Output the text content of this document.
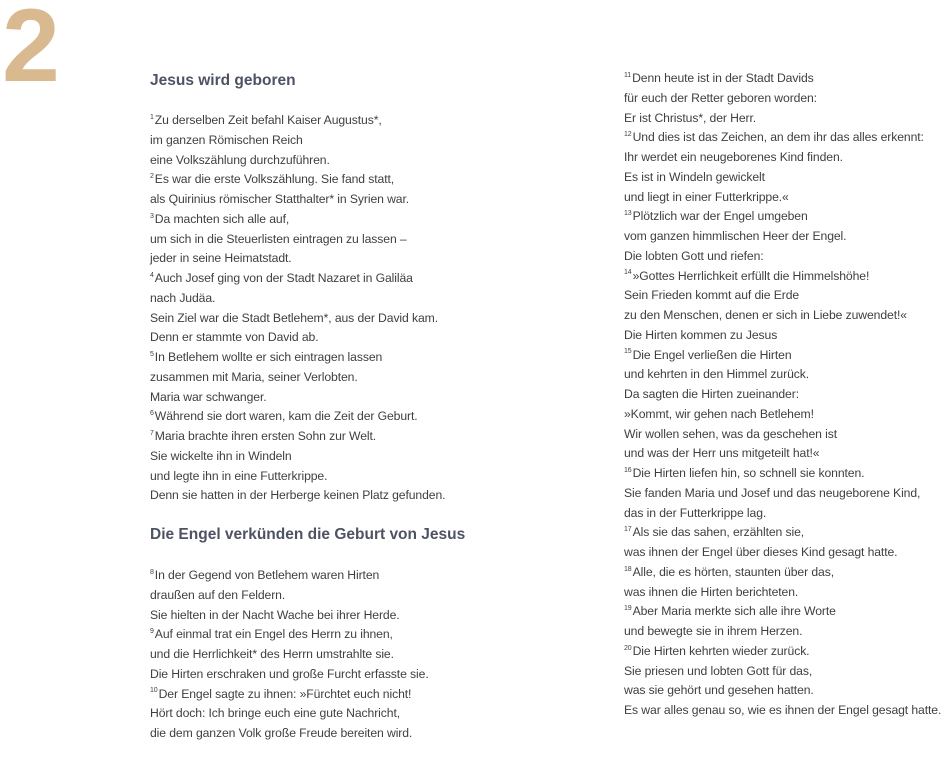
2	Jesus wird geboren
$^1$Zu derselben Zeit befahl Kaiser Augustus*,
im ganzen Römischen Reich
eine Volkszählung durchzuführen.
$^2$Es war die erste Volkszählung. Sie fand statt,
als Quirinius römischer Statthalter* in Syrien war.
$^3$Da machten sich alle auf,
um sich in die Steuerlisten eintragen zu lassen –
jeder in seine Heimatstadt.
$^4$Auch Josef ging von der Stadt Nazaret in Galiläa
nach Judäa.
Sein Ziel war die Stadt Betlehem*, aus der David kam.
Denn er stammte von David ab.
$^5$In Betlehem wollte er sich eintragen lassen
zusammen mit Maria, seiner Verlobten.
Maria war schwanger.
$^6$Während sie dort waren, kam die Zeit der Geburt.
$^7$Maria brachte ihren ersten Sohn zur Welt.
Sie wickelte ihn in Windeln
und legte ihn in eine Futterkrippe.
Denn sie hatten in der Herberge keinen Platz gefunden.
Die Engel verkünden die Geburt von Jesus
$^8$In der Gegend von Betlehem waren Hirten
draußen auf den Feldern.
Sie hielten in der Nacht Wache bei ihrer Herde.
$^9$Auf einmal trat ein Engel des Herrn zu ihnen,
und die Herrlichkeit* des Herrn umstrahlte sie.
Die Hirten erschraken und große Furcht erfasste sie.
$^{10}$Der Engel sagte zu ihnen: »Fürchtet euch nicht!
Hört doch: Ich bringe euch eine gute Nachricht,
die dem ganzen Volk große Freude bereiten wird.
$^{11}$Denn heute ist in der Stadt Davids
für euch der Retter geboren worden:
Er ist Christus*, der Herr.
$^{12}$Und dies ist das Zeichen, an dem ihr das alles erkennt:
Ihr werdet ein neugeborenes Kind finden.
Es ist in Windeln gewickelt
und liegt in einer Futterkrippe.«
$^{13}$Plötzlich war der Engel umgeben
vom ganzen himmlischen Heer der Engel.
Die lobten Gott und riefen:
$^{14}$»Gottes Herrlichkeit erfüllt die Himmelshöhe!
Sein Frieden kommt auf die Erde
zu den Menschen, denen er sich in Liebe zuwendet!«
Die Hirten kommen zu Jesus
$^{15}$Die Engel verließen die Hirten
und kehrten in den Himmel zurück.
Da sagten die Hirten zueinander:
»Kommt, wir gehen nach Betlehem!
Wir wollen sehen, was da geschehen ist
und was der Herr uns mitgeteilt hat!«
$^{16}$Die Hirten liefen hin, so schnell sie konnten.
Sie fanden Maria und Josef und das neugeborene Kind,
das in der Futterkrippe lag.
$^{17}$Als sie das sahen, erzählten sie,
was ihnen der Engel über dieses Kind gesagt hatte.
$^{18}$Alle, die es hörten, staunten über das,
was ihnen die Hirten berichteten.
$^{19}$Aber Maria merkte sich alle ihre Worte
und bewegte sie in ihrem Herzen.
$^{20}$Die Hirten kehrten wieder zurück.
Sie priesen und lobten Gott für das,
was sie gehört und gesehen hatten.
Es war alles genau so, wie es ihnen der Engel gesagt hatte.
